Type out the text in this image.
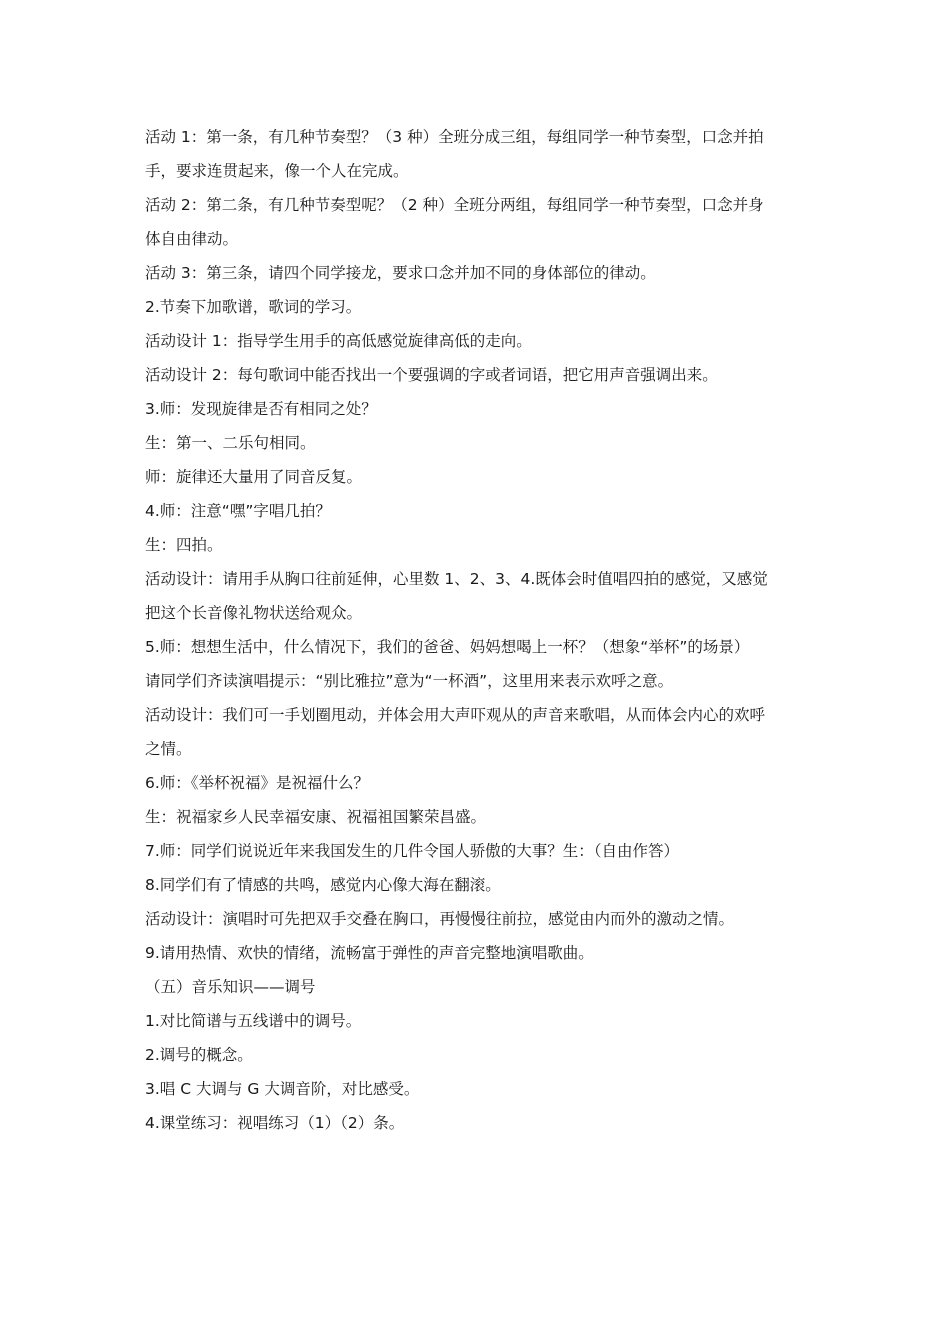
活动 1：第一条，有几种节奏型？（3 种）全班分成三组，每组同学一种节奏型，口念并拍
手，要求连贯起来，像一个人在完成。
活动 2：第二条，有几种节奏型呢？（2 种）全班分两组，每组同学一种节奏型，口念并身
体自由律动。
活动 3：第三条，请四个同学接龙，要求口念并加不同的身体部位的律动。
2.节奏下加歌谱，歌词的学习。
活动设计 1：指导学生用手的高低感觉旋律高低的走向。
活动设计 2：每句歌词中能否找出一个要强调的字或者词语，把它用声音强调出来。
3.师：发现旋律是否有相同之处？
生：第一、二乐句相同。
师：旋律还大量用了同音反复。
4.师：注意“嘿”字唱几拍？
生：四拍。
活动设计：请用手从胸口往前延伸，心里数 1、2、3、4.既体会时值唱四拍的感觉，又感觉
把这个长音像礼物状送给观众。
5.师：想想生活中，什么情况下，我们的爸爸、妈妈想喝上一杯？（想象“举杯”的场景）
请同学们齐读演唱提示：“别比雅拉”意为“一杯酒”，这里用来表示欢呼之意。
活动设计：我们可一手划圈甩动，并体会用大声吓观从的声音来歌唱，从而体会内心的欢呼
之情。
6.师：《举杯祝福》是祝福什么？
生：祝福家乡人民幸福安康、祝福祖国繁荣昌盛。
7.师：同学们说说近年来我国发生的几件令国人骄傲的大事？生：（自由作答）
8.同学们有了情感的共鸣，感觉内心像大海在翻滚。
活动设计：演唱时可先把双手交叠在胸口，再慢慢往前拉，感觉由内而外的激动之情。
9.请用热情、欢快的情绪，流畅富于弹性的声音完整地演唱歌曲。
（五）音乐知识——调号
1.对比简谱与五线谱中的调号。
2.调号的概念。
3.唱 C 大调与 G 大调音阶，对比感受。
4.课堂练习：视唱练习（1）（2）条。
